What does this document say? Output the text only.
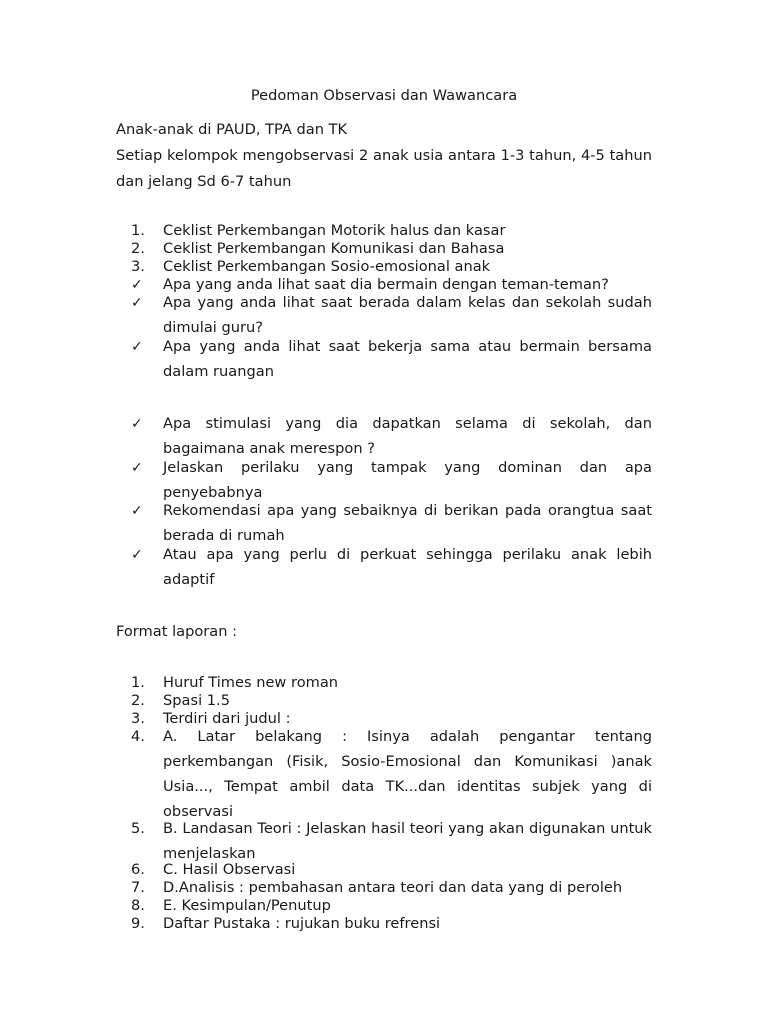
Pedoman Observasi dan Wawancara

Anak-anak di PAUD, TPA dan TK

Setiap kelompok mengobservasi 2 anak usia antara 1-3 tahun, 4-5 tahun dan jelang Sd 6-7 tahun

1.	Ceklist Perkembangan Motorik halus dan kasar
2.	Ceklist Perkembangan Komunikasi dan Bahasa
3.	Ceklist Perkembangan Sosio-emosional anak
✓	Apa yang anda lihat saat dia bermain dengan teman-teman?
✓	Apa yang anda lihat saat berada dalam kelas dan sekolah sudah dimulai guru?
✓	Apa yang anda lihat saat bekerja sama atau bermain bersama dalam ruangan
✓	Apa stimulasi yang dia dapatkan selama di sekolah, dan bagaimana anak merespon ?
✓	Jelaskan perilaku yang tampak yang dominan dan apa penyebabnya
✓	Rekomendasi apa yang sebaiknya di berikan pada orangtua saat berada di rumah
✓	Atau apa yang perlu di perkuat sehingga perilaku anak lebih adaptif

Format laporan :

1.	Huruf Times new roman
2.	Spasi 1.5
3.	Terdiri dari judul :
4.	A. Latar belakang : Isinya adalah pengantar tentang perkembangan (Fisik, Sosio-Emosional dan Komunikasi )anak Usia..., Tempat ambil data TK...dan identitas subjek yang di observasi
5.	B. Landasan Teori : Jelaskan hasil teori yang akan digunakan untuk menjelaskan
6.	C. Hasil Observasi
7.	D.Analisis : pembahasan antara teori dan data yang di peroleh
8.	E. Kesimpulan/Penutup
9.	Daftar Pustaka : rujukan buku refrensi
